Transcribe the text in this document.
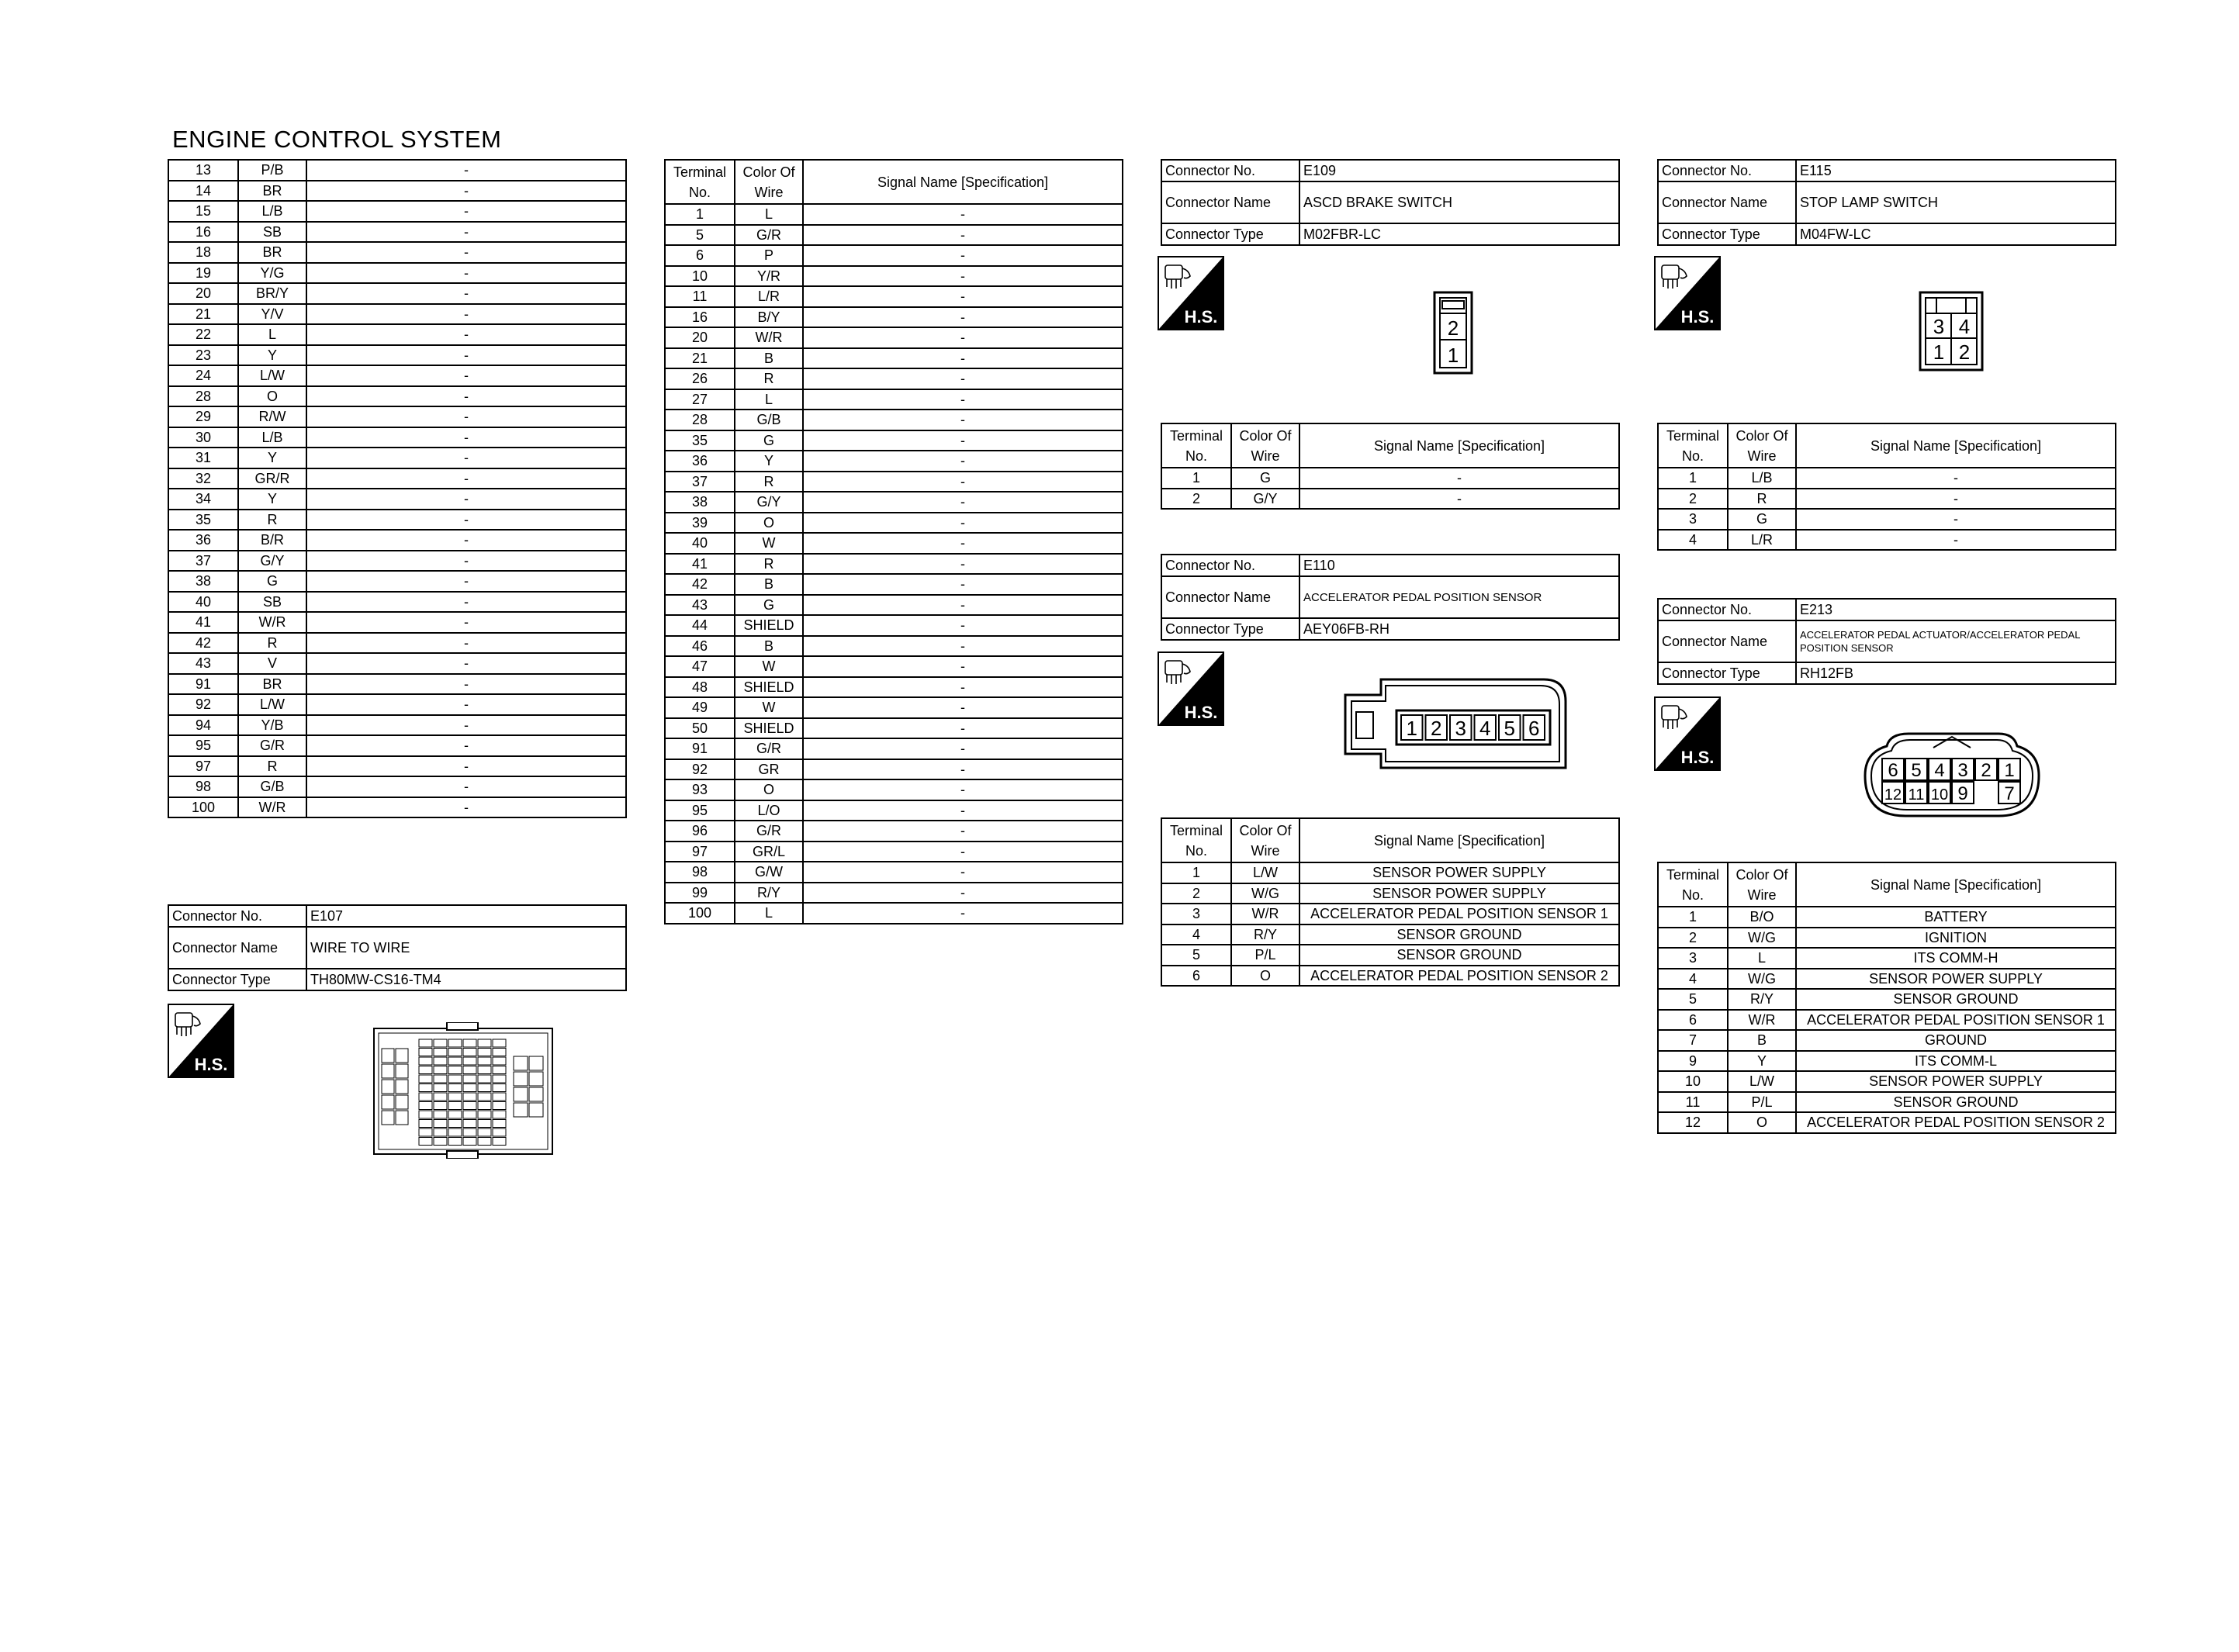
ENGINE CONTROL SYSTEM
13	P/B	-
14	BR	-
15	L/B	-
16	SB	-
18	BR	-
19	Y/G	-
20	BR/Y	-
21	Y/V	-
22	L	-
23	Y	-
24	L/W	-
28	O	-
29	R/W	-
30	L/B	-
31	Y	-
32	GR/R	-
34	Y	-
35	R	-
36	B/R	-
37	G/Y	-
38	G	-
40	SB	-
41	W/R	-
42	R	-
43	V	-
91	BR	-
92	L/W	-
94	Y/B	-
95	G/R	-
97	R	-
98	G/B	-
100	W/R	-
Connector No.	E107
Connector Name	WIRE TO WIRE
Connector Type	TH80MW-CS16-TM4
H.S.
H.S.	H.S.
H.S.
H.S.
Terminal No.	Color Of Wire	Signal Name [Specification]
1	L	-
5	G/R	-
6	P	-
10	Y/R	-
11	L/R	-
16	B/Y	-
20	W/R	-
21	B	-
26	R	-
27	L	-
28	G/B	-
35	G	-
36	Y	-
37	R	-
38	G/Y	-
39	O	-
40	W	-
41	R	-
42	B	-
43	G	-
44	SHIELD	-
46	B	-
47	W	-
48	SHIELD	-
49	W	-
50	SHIELD	-
91	G/R	-
92	GR	-
93	O	-
95	L/O	-
96	G/R	-
97	GR/L	-
98	G/W	-
99	R/Y	-
100	L	-
Connector No.	E109
Connector Name	ASCD BRAKE SWITCH
Connector Type	M02FBR-LC
2
1
Terminal No.	Color Of Wire	Signal Name [Specification]
1	G	-
2	G/Y	-
Connector No.	E110
Connector Name	ACCELERATOR PEDAL POSITION SENSOR
Connector Type	AEY06FB-RH
1 2 3 4 5 6
Terminal No.	Color Of Wire	Signal Name [Specification]
1	L/W	SENSOR POWER SUPPLY
2	W/G	SENSOR POWER SUPPLY
3	W/R	ACCELERATOR PEDAL POSITION SENSOR 1
4	R/Y	SENSOR GROUND
5	P/L	SENSOR GROUND
6	O	ACCELERATOR PEDAL POSITION SENSOR 2
Connector No.	E115
Connector Name	STOP LAMP SWITCH
Connector Type	M04FW-LC
3 4
1 2
Terminal No.	Color Of Wire	Signal Name [Specification]
1	L/B	-
2	R	-
3	G	-
4	L/R	-
Connector No.	E213
Connector Name	ACCELERATOR PEDAL ACTUATOR/ACCELERATOR PEDAL POSITION SENSOR
Connector Type	RH12FB
6 5 4 3 2 1
12 11 10 9 7
Terminal No.	Color Of Wire	Signal Name [Specification]
1	B/O	BATTERY
2	W/G	IGNITION
3	L	ITS COMM-H
4	W/G	SENSOR POWER SUPPLY
5	R/Y	SENSOR GROUND
6	W/R	ACCELERATOR PEDAL POSITION SENSOR 1
7	B	GROUND
9	Y	ITS COMM-L
10	L/W	SENSOR POWER SUPPLY
11	P/L	SENSOR GROUND
12	O	ACCELERATOR PEDAL POSITION SENSOR 2
